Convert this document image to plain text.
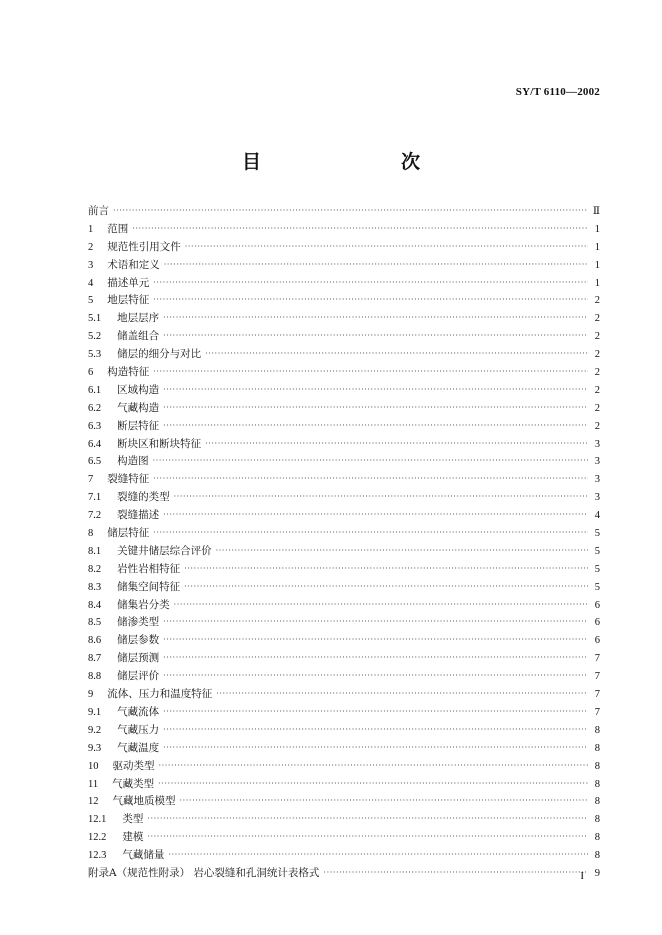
SY/T 6110—2002
目　　次
前言 ·····	Ⅱ
1 范围 ·····	1
2 规范性引用文件 ·····	1
3 术语和定义 ·····	1
4 描述单元 ·····	1
5 地层特征 ·····	2
5.1 地层层序 ·····	2
5.2 储盖组合 ·····	2
5.3 储层的细分与对比 ·····	2
6 构造特征 ·····	2
6.1 区域构造 ·····	2
6.2 气藏构造 ·····	2
6.3 断层特征 ·····	2
6.4 断块区和断块特征 ·····	3
6.5 构造图 ·····	3
7 裂缝特征 ·····	3
7.1 裂缝的类型 ·····	3
7.2 裂缝描述 ·····	4
8 储层特征 ·····	5
8.1 关键井储层综合评价 ·····	5
8.2 岩性岩相特征 ·····	5
8.3 储集空间特征 ·····	5
8.4 储集岩分类 ·····	6
8.5 储渗类型 ·····	6
8.6 储层参数 ·····	6
8.7 储层预测 ·····	7
8.8 储层评价 ·····	7
9 流体、压力和温度特征 ·····	7
9.1 气藏流体 ·····	7
9.2 气藏压力 ·····	8
9.3 气藏温度 ·····	8
10 驱动类型 ·····	8
11 气藏类型 ·····	8
12 气藏地质模型 ·····	8
12.1 类型 ·····	8
12.2 建模 ·····	8
12.3 气藏储量 ·····	8
附录A（规范性附录） 岩心裂缝和孔洞统计表格式 ·····	9
I
